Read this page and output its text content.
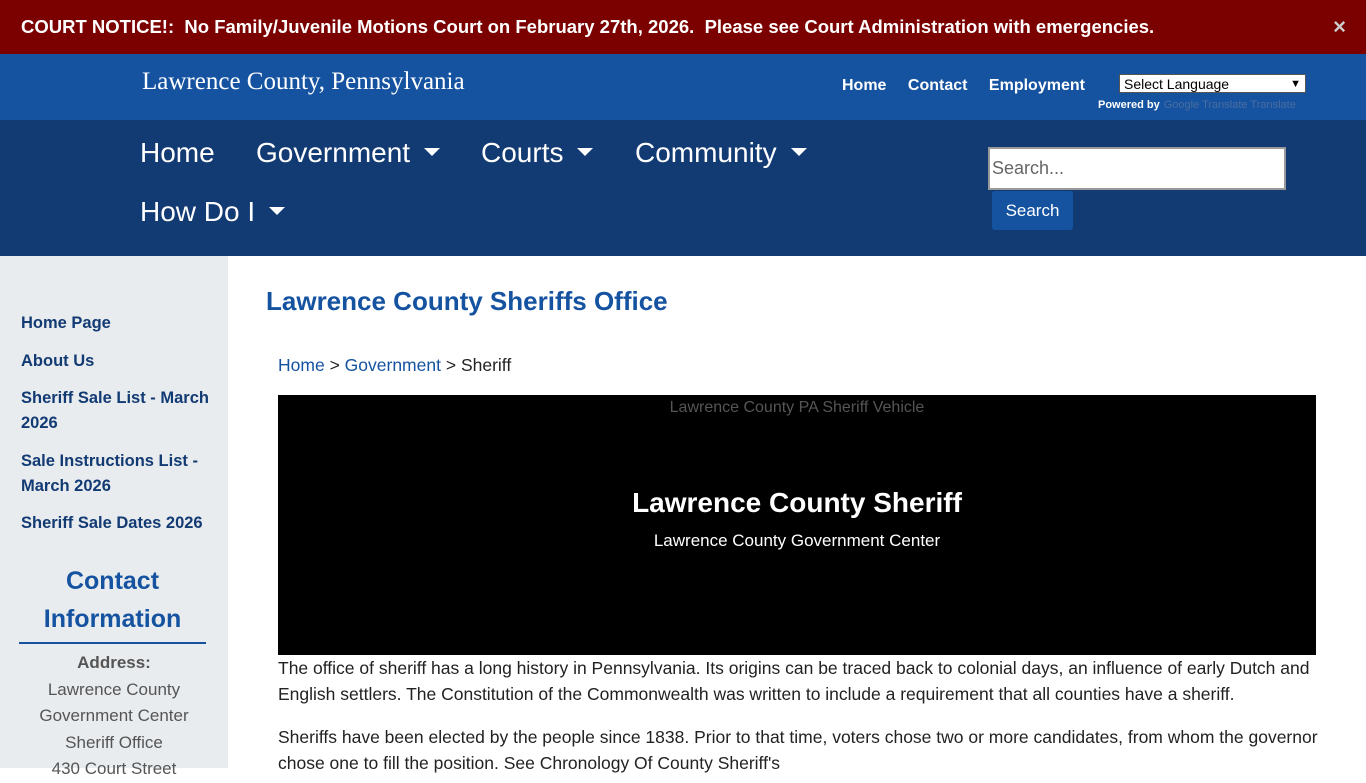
COURT NOTICE!:  No Family/Juvenile Motions Court on February 27th, 2026.  Please see Court Administration with emergencies.	×
Lawrence County, Pennsylvania	Home Contact Employment	Select Language	▼
Powered by Google Translate Translate
Home Government	Courts	Community
How Do I
Search...
Search
Home Page
About Us
Sheriff Sale List - March 2026
Sale Instructions List - March 2026
Sheriff Sale Dates 2026
Contact Information
Address:
Lawrence County
Government Center
Sheriff Office
430 Court Street
Lawrence County Sheriffs Office
Home > Government > Sheriff
Lawrence County PA Sheriff Vehicle
Lawrence County Sheriff
Lawrence County Government Center
The office of sheriff has a long history in Pennsylvania. Its origins can be traced back to colonial days, an influence of early Dutch and English settlers. The Constitution of the Commonwealth was written to include a requirement that all counties have a sheriff.
Sheriffs have been elected by the people since 1838. Prior to that time, voters chose two or more candidates, from whom the governor chose one to fill the position. See Chronology Of County Sheriff's
